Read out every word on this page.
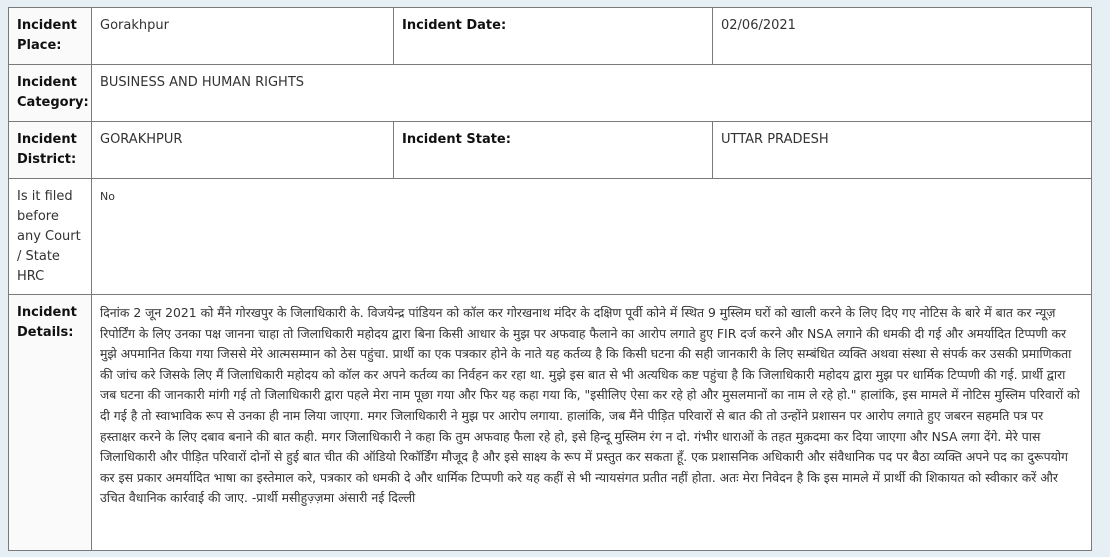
Incident Place:	Gorakhpur	Incident Date:	02/06/2021
Incident Category:	BUSINESS AND HUMAN RIGHTS		
Incident District:	GORAKHPUR	Incident State:	UTTAR PRADESH
Is it filed before any Court / State HRC	No		
Incident Details:	दिनांक 2 जून 2021 को मैंने गोरखपुर के जिलाधिकारी के. विजयेन्द्र पांडियन को कॉल कर गोरखनाथ मंदिर के दक्षिण पूर्वी कोने में स्थित 9 मुस्लिम घरों को खाली करने के लिए दिए गए नोटिस के बारे में बात कर न्यूज़ रिपोर्टिंग के लिए उनका पक्ष जानना चाहा तो जिलाधिकारी महोदय द्वारा बिना किसी आधार के मुझ पर अफवाह फैलाने का आरोप लगाते हुए FIR दर्ज करने और NSA लगाने की धमकी दी गई और अमर्यादित टिप्पणी कर मुझे अपमानित किया गया जिससे मेरे आत्मसम्मान को ठेस पहुंचा. प्रार्थी का एक पत्रकार होने के नाते यह कर्तव्य है कि किसी घटना की सही जानकारी के लिए सम्बंधित व्यक्ति अथवा संस्था से संपर्क कर उसकी प्रमाणिकता की जांच करे जिसके लिए मैं जिलाधिकारी महोदय को कॉल कर अपने कर्तव्य का निर्वहन कर रहा था. मुझे इस बात से भी अत्यधिक कष्ट पहुंचा है कि जिलाधिकारी महोदय द्वारा मुझ पर धार्मिक टिप्पणी की गई. प्रार्थी द्वारा जब घटना की जानकारी मांगी गई तो जिलाधिकारी द्वारा पहले मेरा नाम पूछा गया और फिर यह कहा गया कि, "इसीलिए ऐसा कर रहे हो और मुसलमानों का नाम ले रहे हो." हालांकि, इस मामले में नोटिस मुस्लिम परिवारों को दी गई है तो स्वाभाविक रूप से उनका ही नाम लिया जाएगा. मगर जिलाधिकारी ने मुझ पर आरोप लगाया. हालांकि, जब मैंने पीड़ित परिवारों से बात की तो उन्होंने प्रशासन पर आरोप लगाते हुए जबरन सहमति पत्र पर हस्ताक्षर करने के लिए दबाव बनाने की बात कही. मगर जिलाधिकारी ने कहा कि तुम अफवाह फैला रहे हो, इसे हिन्दू मुस्लिम रंग न दो. गंभीर धाराओं के तहत मुक़दमा कर दिया जाएगा और NSA लगा देंगे. मेरे पास जिलाधिकारी और पीड़ित परिवारों दोनों से हुई बात चीत की ऑडियो रिकॉर्डिंग मौजूद है और इसे साक्ष्य के रूप में प्रस्तुत कर सकता हूँ. एक प्रशासनिक अधिकारी और संवैधानिक पद पर बैठा व्यक्ति अपने पद का दुरूपयोग कर इस प्रकार अमर्यादित भाषा का इस्तेमाल करे, पत्रकार को धमकी दे और धार्मिक टिप्पणी करे यह कहीं से भी न्यायसंगत प्रतीत नहीं होता. अतः मेरा निवेदन है कि इस मामले में प्रार्थी की शिकायत को स्वीकार करें और उचित वैधानिक कार्रवाई की जाए. -प्रार्थी मसीहुज़्ज़मा अंसारी नई दिल्ली		
